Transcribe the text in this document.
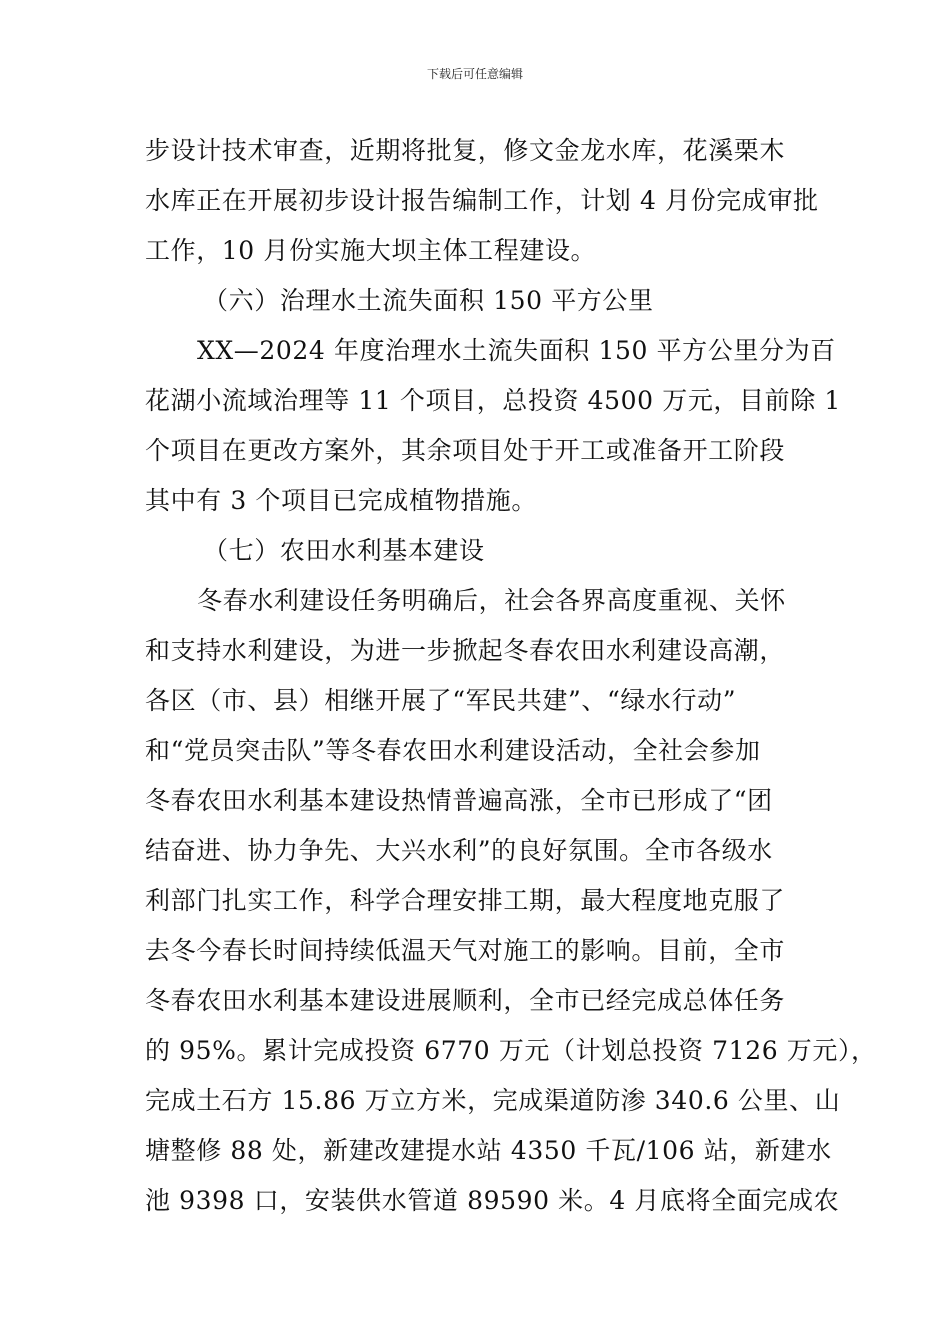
下载后可任意编辑
步设计技术审查，近期将批复，修文金龙水库，花溪栗木
水库正在开展初步设计报告编制工作，计划 4 月份完成审批
工作，10 月份实施大坝主体工程建设。
（六）治理水土流失面积 150 平方公里
XX—2024 年度治理水土流失面积 150 平方公里分为百
花湖小流域治理等 11 个项目，总投资 4500 万元，目前除 1
个项目在更改方案外，其余项目处于开工或准备开工阶段
其中有 3 个项目已完成植物措施。
（七）农田水利基本建设
冬春水利建设任务明确后，社会各界高度重视、关怀
和支持水利建设，为进一步掀起冬春农田水利建设高潮，
各区（市、县）相继开展了“军民共建”、“绿水行动”
和“党员突击队”等冬春农田水利建设活动，全社会参加
冬春农田水利基本建设热情普遍高涨，全市已形成了“团
结奋进、协力争先、大兴水利”的良好氛围。全市各级水
利部门扎实工作，科学合理安排工期，最大程度地克服了
去冬今春长时间持续低温天气对施工的影响。目前，全市
冬春农田水利基本建设进展顺利，全市已经完成总体任务
的 95%。累计完成投资 6770 万元（计划总投资 7126 万元），
完成土石方 15.86 万立方米，完成渠道防渗 340.6 公里、山
塘整修 88 处，新建改建提水站 4350 千瓦/106 站，新建水
池 9398 口，安装供水管道 89590 米。4 月底将全面完成农
